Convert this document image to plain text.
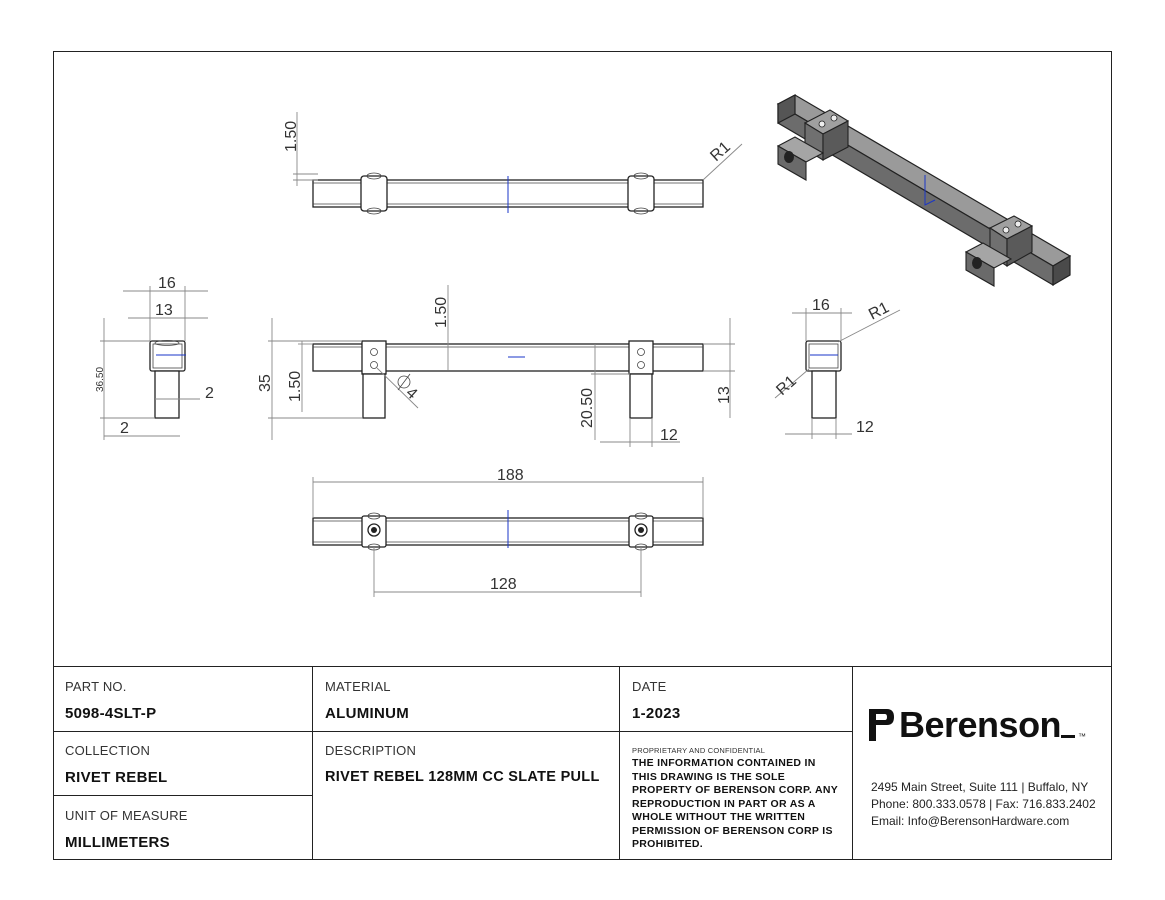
1.50	R1
16
13
36.50
2
2
35 1.50
1.50
4	20.50	13
12
16 R1
R1
12
188
128
PART NO.
5098-4SLT-P
MATERIAL
ALUMINUM
DATE
1-2023
COLLECTION
RIVET REBEL
DESCRIPTION
RIVET REBEL 128MM CC SLATE PULL
PROPRIETARY AND CONFIDENTIAL
THE INFORMATION CONTAINED IN THIS DRAWING IS THE SOLE PROPERTY OF BERENSON CORP. ANY REPRODUCTION IN PART OR AS A WHOLE WITHOUT THE WRITTEN PERMISSION OF BERENSON CORP IS PROHIBITED.
UNIT OF MEASURE
MILLIMETERS
Berenson ™
2495 Main Street, Suite 111 | Buffalo, NY
Phone: 800.333.0578 | Fax: 716.833.2402
Email: Info@BerensonHardware.com
